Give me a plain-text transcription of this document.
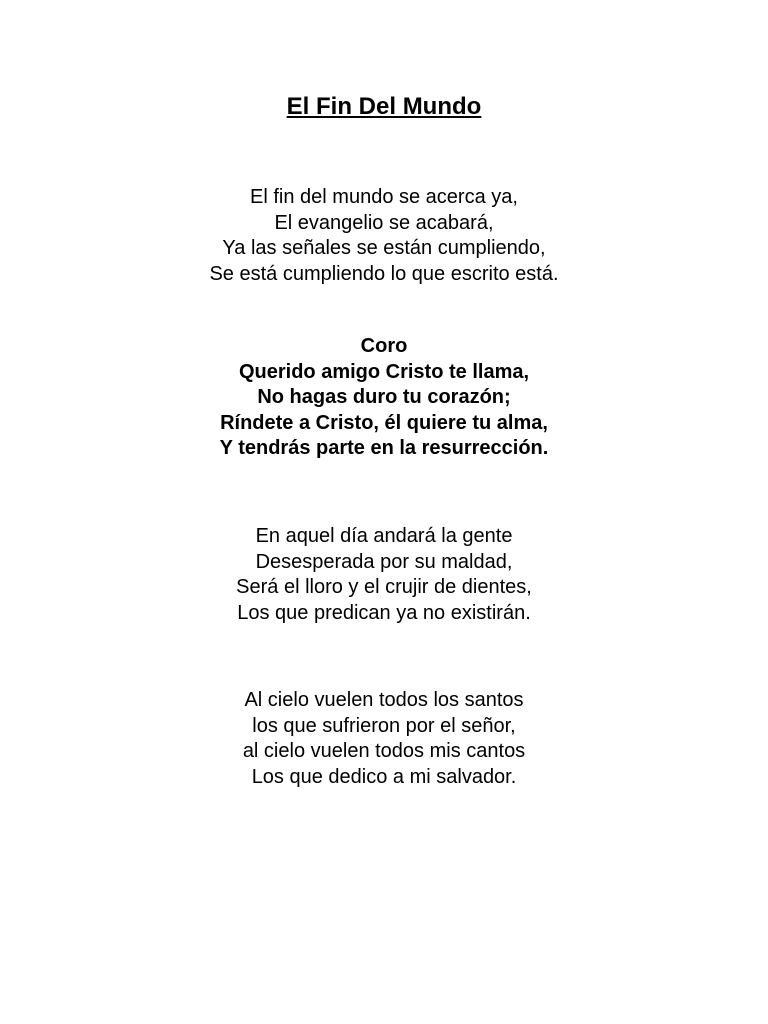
El Fin Del Mundo
El fin del mundo se acerca ya,
El evangelio se acabará,
Ya las señales se están cumpliendo,
Se está cumpliendo lo que escrito está.
Coro
Querido amigo Cristo te llama,
No hagas duro tu corazón;
Ríndete a Cristo, él quiere tu alma,
Y tendrás parte en la resurrección.
En aquel día andará la gente
Desesperada por su maldad,
Será el lloro y el crujir de dientes,
Los que predican ya no existirán.
Al cielo vuelen todos los santos
los que sufrieron por el señor,
al cielo vuelen todos mis cantos
Los que dedico a mi salvador.
